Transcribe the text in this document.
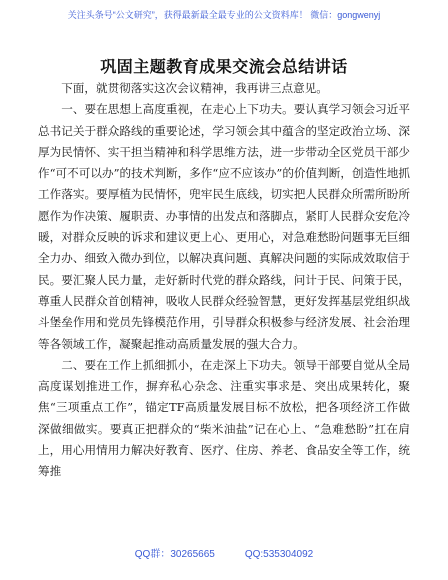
关注头条号“公文研究”，获得最新最全最专业的公文资料库！ 微信：gongwenyj
巩固主题教育成果交流会总结讲话

下面，就贯彻落实这次会议精神，我再讲三点意见。

一、要在思想上高度重视，在走心上下功夫。要认真学习领会习近平总书记关于群众路线的重要论述，学习领会其中蕴含的坚定政治立场、深厚为民情怀、实干担当精神和科学思维方法，进一步带动全区党员干部少作“可不可以办”的技术判断，多作“应不应该办”的价值判断，创造性地抓工作落实。要厚植为民情怀，兜牢民生底线，切实把人民群众所需所盼所愿作为作决策、履职责、办事情的出发点和落脚点，紧盯人民群众安危冷暖，对群众反映的诉求和建议更上心、更用心，对急难愁盼问题事无巨细全力办、细致入微办到位，以解决真问题、真解决问题的实际成效取信于民。要汇聚人民力量，走好新时代党的群众路线，问计于民、问策于民，尊重人民群众首创精神，吸收人民群众经验智慧，更好发挥基层党组织战斗堡垒作用和党员先锋模范作用，引导群众积极参与经济发展、社会治理等各领域工作，凝聚起推动高质量发展的强大合力。

二、要在工作上抓细抓小，在走深上下功夫。领导干部要自觉从全局高度谋划推进工作，摒弃私心杂念、注重实事求是、突出成果转化，聚焦“三项重点工作”，锚定TF高质量发展目标不放松，把各项经济工作做深做细做实。要真正把群众的“柴米油盐”记在心上、“急难愁盼”扛在肩上，用心用情用力解决好教育、医疗、住房、养老、食品安全等工作，统筹推

QQ群：30265665	QQ:535304092
